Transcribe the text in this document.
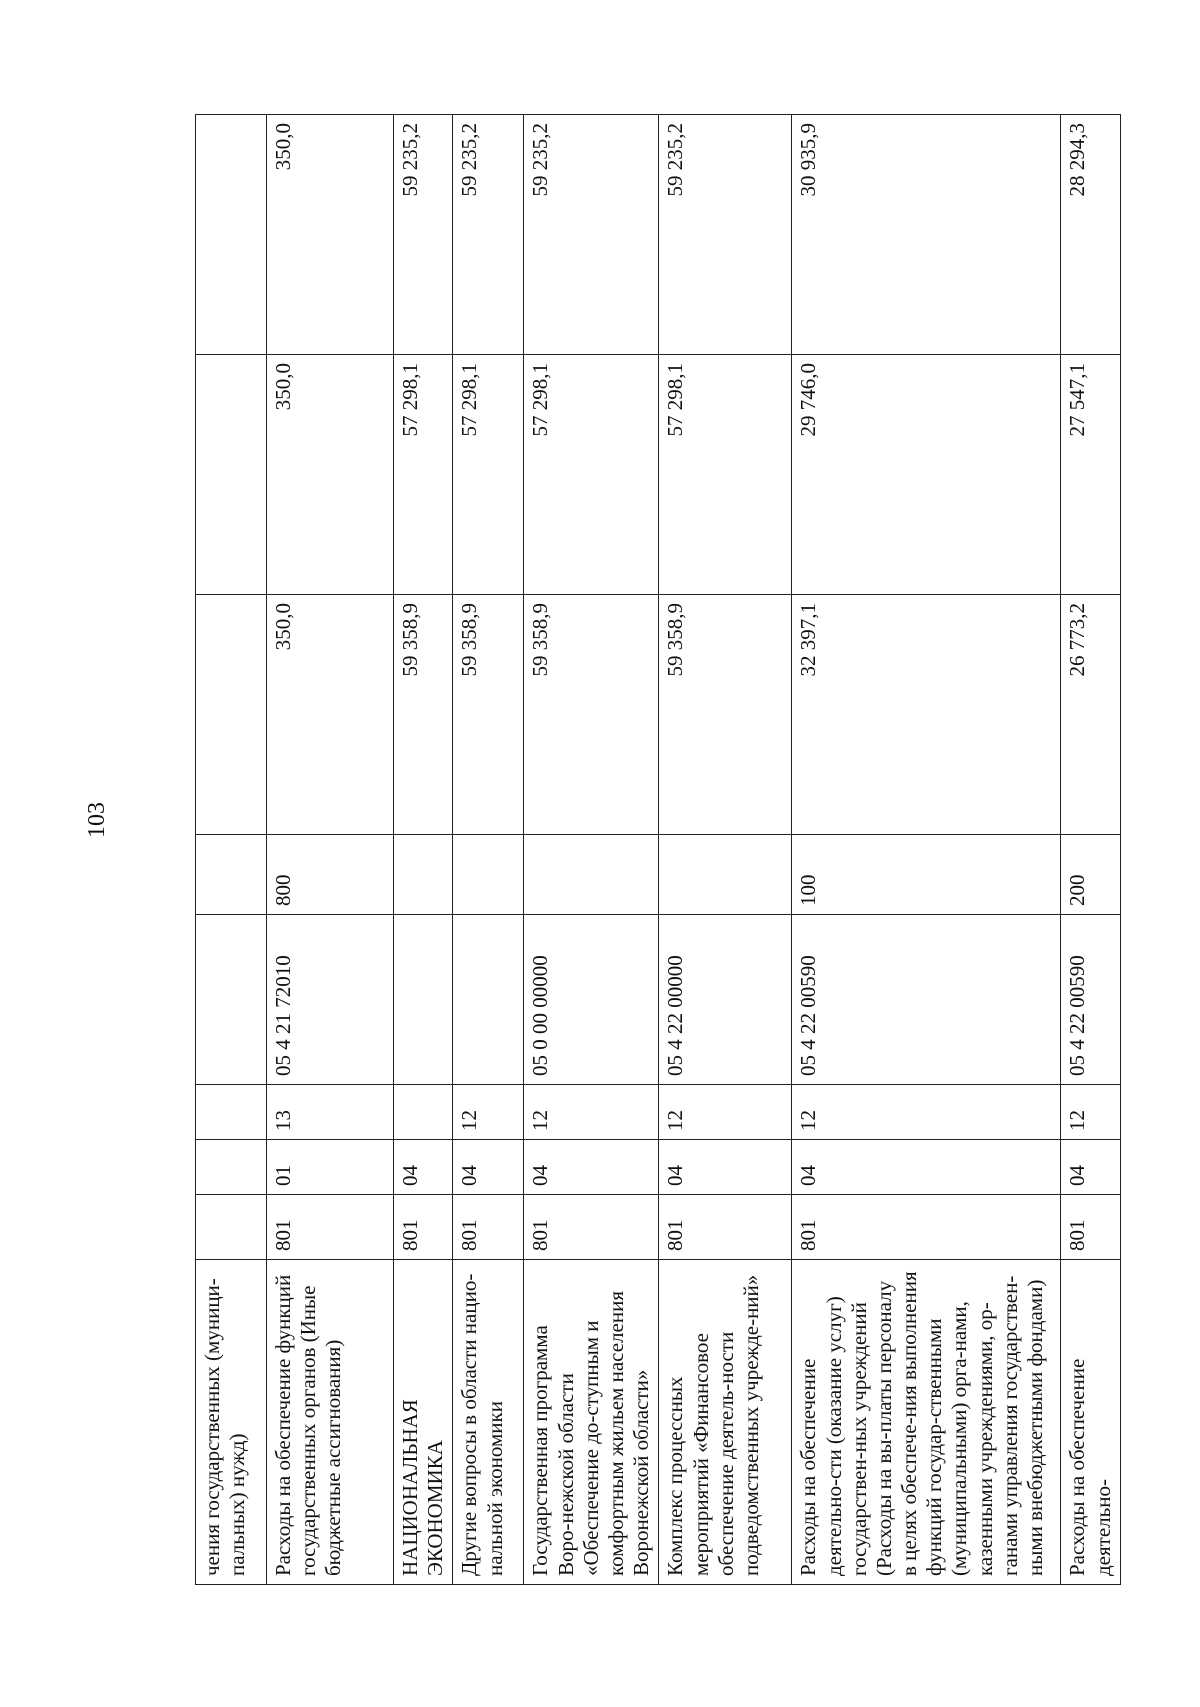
103
чения государственных (муници-пальных) нужд)								
Расходы на обеспечение функций государственных органов (Иные бюджетные ассигнования)	801	01	13	05 4 21 72010	800	350,0	350,0	350,0
НАЦИОНАЛЬНАЯ ЭКОНОМИКА	801	04				59 358,9	57 298,1	59 235,2
Другие вопросы в области нацио-нальной экономики	801	04	12			59 358,9	57 298,1	59 235,2
Государственная программа Воро-нежской области «Обеспечение до-ступным и комфортным жильем населения Воронежской области»	801	04	12	05 0 00 00000		59 358,9	57 298,1	59 235,2
Комплекс процессных мероприятий «Финансовое обеспечение деятель-ности подведомственных учрежде-ний»	801	04	12	05 4 22 00000		59 358,9	57 298,1	59 235,2
Расходы на обеспечение деятельно-сти (оказание услуг) государствен-ных учреждений (Расходы на вы-платы персоналу в целях обеспече-ния выполнения функций государ-ственными (муниципальными) орга-нами, казенными учреждениями, ор-ганами управления государствен-ными внебюджетными фондами)	801	04	12	05 4 22 00590	100	32 397,1	29 746,0	30 935,9
Расходы на обеспечение деятельно-	801	04	12	05 4 22 00590	200	26 773,2	27 547,1	28 294,3
